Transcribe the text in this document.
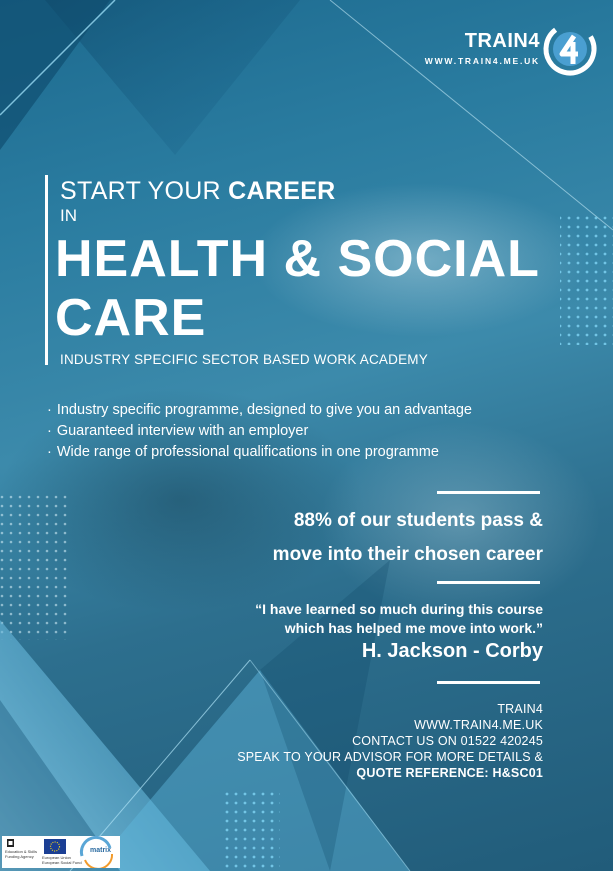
TRAIN4
WWW.TRAIN4.ME.UK
START YOUR CAREER
IN
HEALTH & SOCIAL
CARE
INDUSTRY SPECIFIC SECTOR BASED WORK ACADEMY
· Industry specific programme, designed to give you an advantage
· Guaranteed interview with an employer
· Wide range of professional qualifications in one programme
88% of our students pass &
move into their chosen career
“I have learned so much during this course
which has helped me move into work.”
H. Jackson - Corby
TRAIN4
WWW.TRAIN4.ME.UK
CONTACT US ON 01522 420245
SPEAK TO YOUR ADVISOR FOR MORE DETAILS &
QUOTE REFERENCE: H&SC01
Education & Skills
Funding Agency European Union
European Social Fund
matrix
